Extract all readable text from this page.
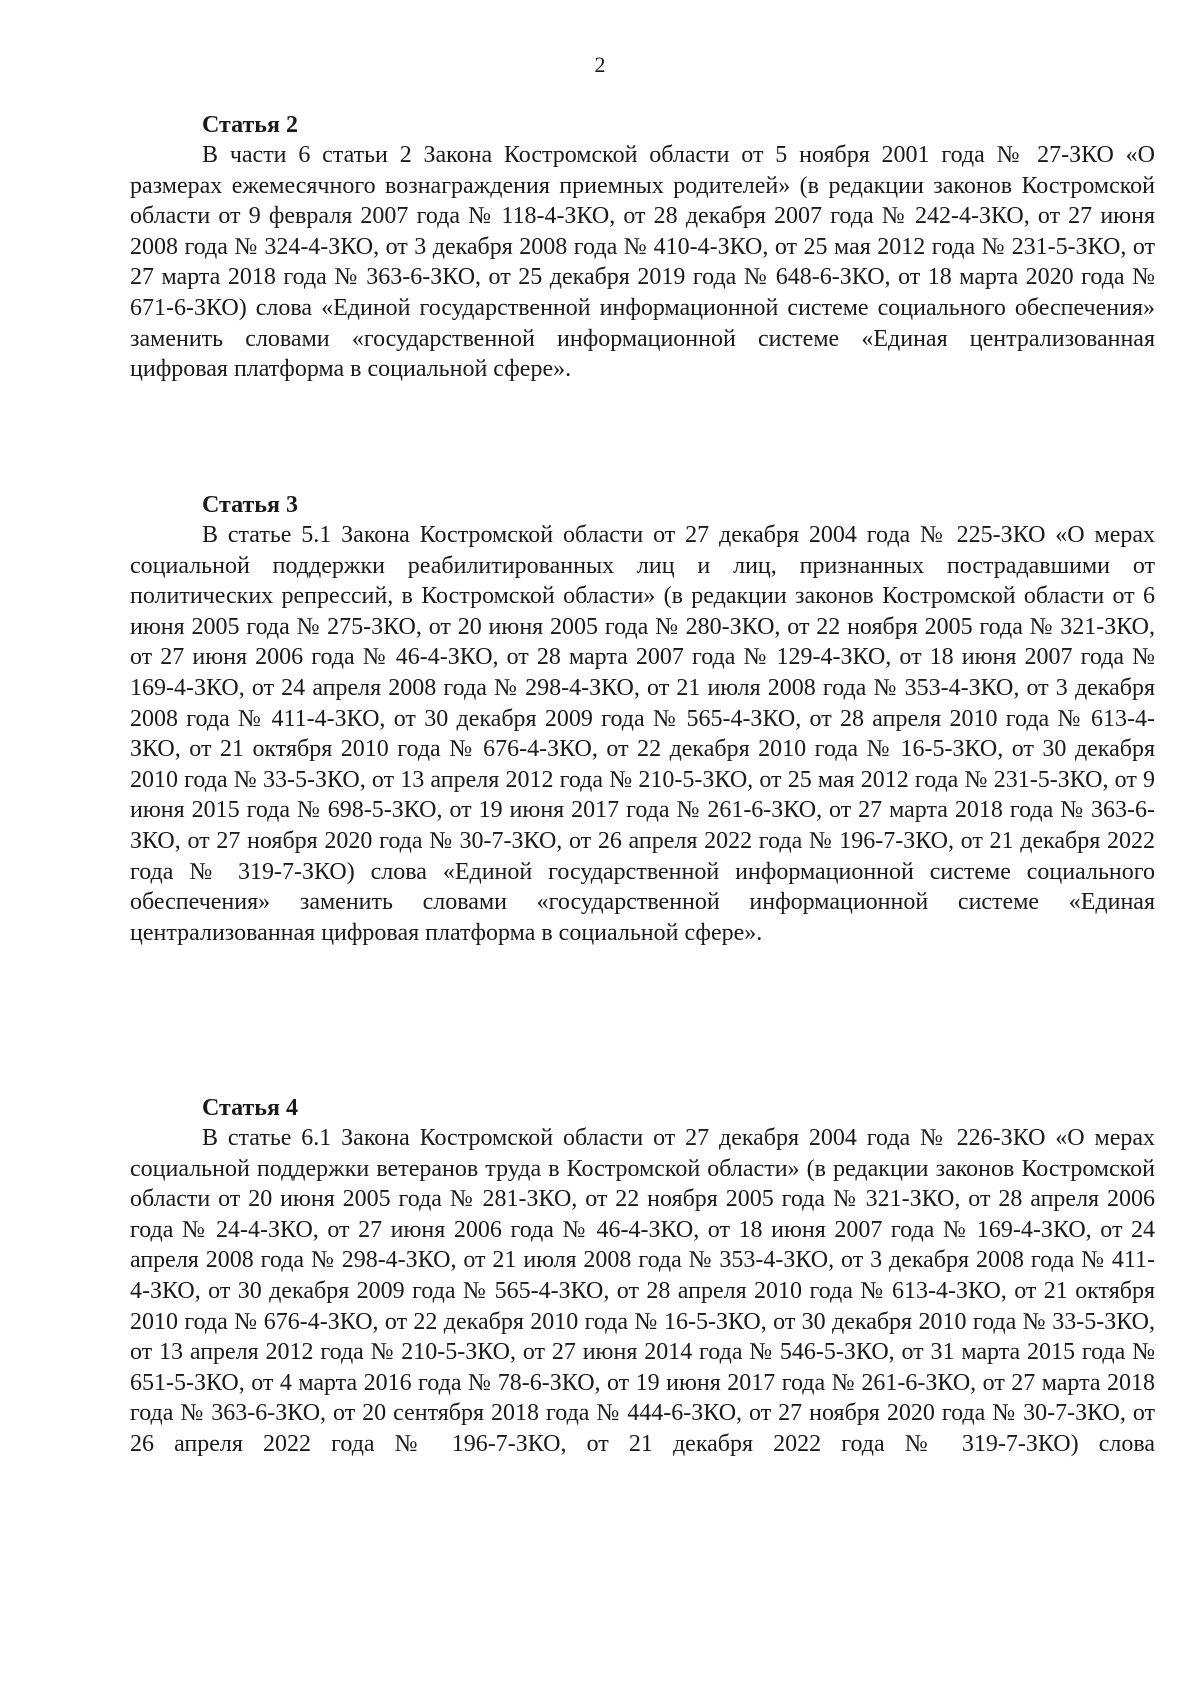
2
Статья 2

В части 6 статьи 2 Закона Костромской области от 5 ноября 2001 года № 27-ЗКО «О размерах ежемесячного вознаграждения приемных родителей» (в редакции законов Костромской области от 9 февраля 2007 года № 118-4-ЗКО, от 28 декабря 2007 года № 242-4-ЗКО, от 27 июня 2008 года № 324-4-ЗКО, от 3 декабря 2008 года № 410-4-ЗКО, от 25 мая 2012 года № 231-5-ЗКО, от 27 марта 2018 года № 363-6-ЗКО, от 25 декабря 2019 года № 648-6-ЗКО, от 18 марта 2020 года № 671-6-ЗКО) слова «Единой государственной информационной системе социального обеспечения» заменить словами «государственной информационной системе «Единая централизованная цифровая платформа в социальной сфере».

Статья 3

В статье 5.1 Закона Костромской области от 27 декабря 2004 года № 225-ЗКО «О мерах социальной поддержки реабилитированных лиц и лиц, признанных пострадавшими от политических репрессий, в Костромской области» (в редакции законов Костромской области от 6 июня 2005 года № 275-ЗКО, от 20 июня 2005 года № 280-ЗКО, от 22 ноября 2005 года № 321-ЗКО, от 27 июня 2006 года № 46-4-ЗКО, от 28 марта 2007 года № 129-4-ЗКО, от 18 июня 2007 года № 169-4-ЗКО, от 24 апреля 2008 года № 298-4-ЗКО, от 21 июля 2008 года № 353-4-ЗКО, от 3 декабря 2008 года № 411-4-ЗКО, от 30 декабря 2009 года № 565-4-ЗКО, от 28 апреля 2010 года № 613-4-ЗКО, от 21 октября 2010 года № 676-4-ЗКО, от 22 декабря 2010 года № 16-5-ЗКО, от 30 декабря 2010 года № 33-5-ЗКО, от 13 апреля 2012 года № 210-5-ЗКО, от 25 мая 2012 года № 231-5-ЗКО, от 9 июня 2015 года № 698-5-ЗКО, от 19 июня 2017 года № 261-6-ЗКО, от 27 марта 2018 года № 363-6-ЗКО, от 27 ноября 2020 года № 30-7-ЗКО, от 26 апреля 2022 года № 196-7-ЗКО, от 21 декабря 2022 года № 319-7-ЗКО) слова «Единой государственной информационной системе социального обеспечения» заменить словами «государственной информационной системе «Единая централизованная цифровая платформа в социальной сфере».

Статья 4

В статье 6.1 Закона Костромской области от 27 декабря 2004 года № 226-ЗКО «О мерах социальной поддержки ветеранов труда в Костромской области» (в редакции законов Костромской области от 20 июня 2005 года № 281-ЗКО, от 22 ноября 2005 года № 321-ЗКО, от 28 апреля 2006 года № 24-4-ЗКО, от 27 июня 2006 года № 46-4-ЗКО, от 18 июня 2007 года № 169-4-ЗКО, от 24 апреля 2008 года № 298-4-ЗКО, от 21 июля 2008 года № 353-4-ЗКО, от 3 декабря 2008 года № 411-4-ЗКО, от 30 декабря 2009 года № 565-4-ЗКО, от 28 апреля 2010 года № 613-4-ЗКО, от 21 октября 2010 года № 676-4-ЗКО, от 22 декабря 2010 года № 16-5-ЗКО, от 30 декабря 2010 года № 33-5-ЗКО, от 13 апреля 2012 года № 210-5-ЗКО, от 27 июня 2014 года № 546-5-ЗКО, от 31 марта 2015 года № 651-5-ЗКО, от 4 марта 2016 года № 78-6-ЗКО, от 19 июня 2017 года № 261-6-ЗКО, от 27 марта 2018 года № 363-6-ЗКО, от 20 сентября 2018 года № 444-6-ЗКО, от 27 ноября 2020 года № 30-7-ЗКО, от 26 апреля 2022 года № 196-7-ЗКО, от 21 декабря 2022 года № 319-7-ЗКО) слова
